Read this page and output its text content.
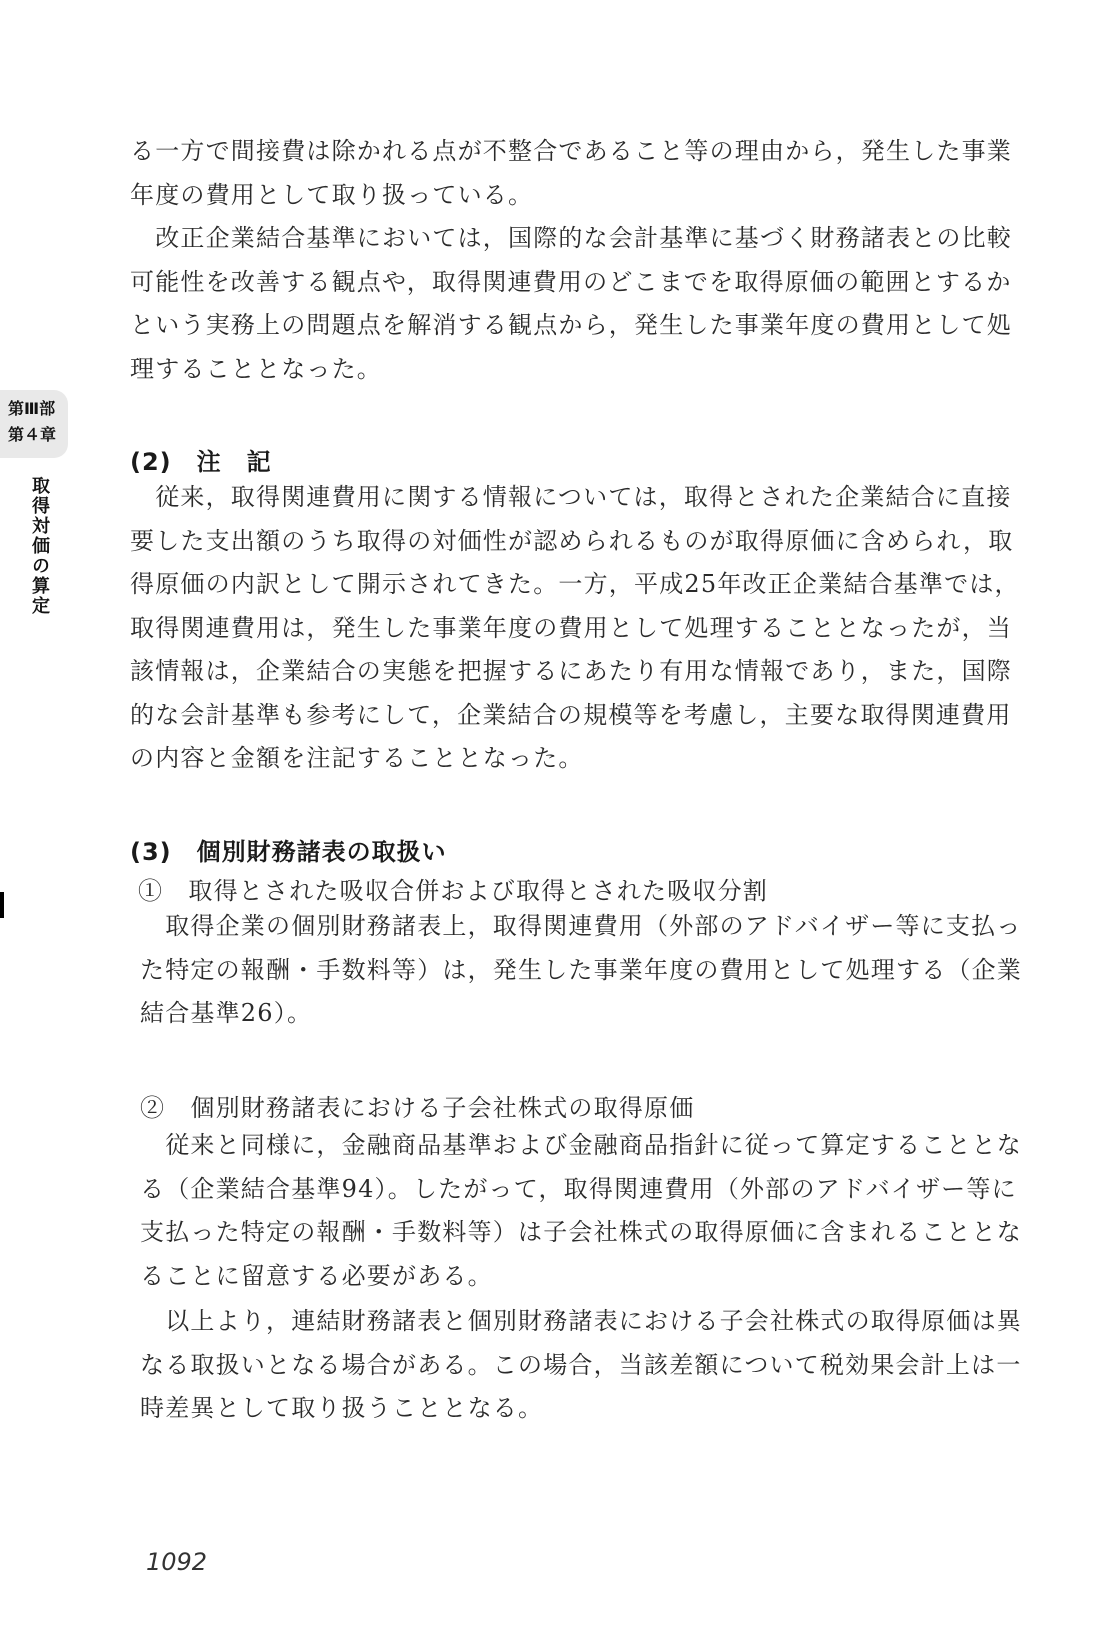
第Ⅲ部
第４章
取得対価の算定

る一方で間接費は除かれる点が不整合であること等の理由から，発生した事業年度の費用として取り扱っている。

　改正企業結合基準においては，国際的な会計基準に基づく財務諸表との比較可能性を改善する観点や，取得関連費用のどこまでを取得原価の範囲とするかという実務上の問題点を解消する観点から，発生した事業年度の費用として処理することとなった。

(2)　注　記

　従来，取得関連費用に関する情報については，取得とされた企業結合に直接要した支出額のうち取得の対価性が認められるものが取得原価に含められ，取得原価の内訳として開示されてきた。一方，平成25年改正企業結合基準では，取得関連費用は，発生した事業年度の費用として処理することとなったが，当該情報は，企業結合の実態を把握するにあたり有用な情報であり，また，国際的な会計基準も参考にして，企業結合の規模等を考慮し，主要な取得関連費用の内容と金額を注記することとなった。

(3)　個別財務諸表の取扱い

①　取得とされた吸収合併および取得とされた吸収分割

　取得企業の個別財務諸表上，取得関連費用（外部のアドバイザー等に支払った特定の報酬・手数料等）は，発生した事業年度の費用として処理する（企業結合基準26）。

②　個別財務諸表における子会社株式の取得原価

　従来と同様に，金融商品基準および金融商品指針に従って算定することとなる（企業結合基準94）。したがって，取得関連費用（外部のアドバイザー等に支払った特定の報酬・手数料等）は子会社株式の取得原価に含まれることとなることに留意する必要がある。

　以上より，連結財務諸表と個別財務諸表における子会社株式の取得原価は異なる取扱いとなる場合がある。この場合，当該差額について税効果会計上は一時差異として取り扱うこととなる。

1092
